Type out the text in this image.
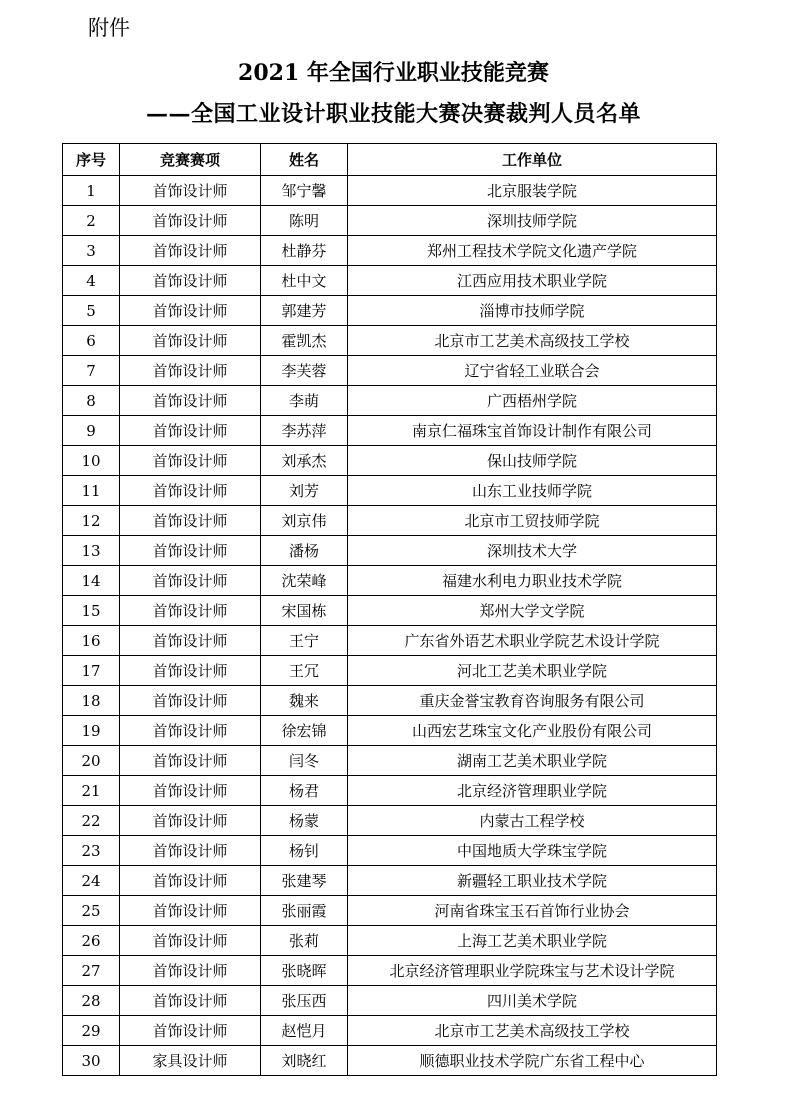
附件
2021 年全国行业职业技能竞赛
——全国工业设计职业技能大赛决赛裁判人员名单
序号	竞赛赛项	姓名	工作单位
1	首饰设计师	邹宁馨	北京服装学院
2	首饰设计师	陈明	深圳技师学院
3	首饰设计师	杜静芬	郑州工程技术学院文化遗产学院
4	首饰设计师	杜中文	江西应用技术职业学院
5	首饰设计师	郭建芳	淄博市技师学院
6	首饰设计师	霍凯杰	北京市工艺美术高级技工学校
7	首饰设计师	李芙蓉	辽宁省轻工业联合会
8	首饰设计师	李萌	广西梧州学院
9	首饰设计师	李苏萍	南京仁福珠宝首饰设计制作有限公司
10	首饰设计师	刘承杰	保山技师学院
11	首饰设计师	刘芳	山东工业技师学院
12	首饰设计师	刘京伟	北京市工贸技师学院
13	首饰设计师	潘杨	深圳技术大学
14	首饰设计师	沈荣峰	福建水利电力职业技术学院
15	首饰设计师	宋国栋	郑州大学文学院
16	首饰设计师	王宁	广东省外语艺术职业学院艺术设计学院
17	首饰设计师	王冗	河北工艺美术职业学院
18	首饰设计师	魏来	重庆金誉宝教育咨询服务有限公司
19	首饰设计师	徐宏锦	山西宏艺珠宝文化产业股份有限公司
20	首饰设计师	闫冬	湖南工艺美术职业学院
21	首饰设计师	杨君	北京经济管理职业学院
22	首饰设计师	杨蒙	内蒙古工程学校
23	首饰设计师	杨钊	中国地质大学珠宝学院
24	首饰设计师	张建琴	新疆轻工职业技术学院
25	首饰设计师	张丽霞	河南省珠宝玉石首饰行业协会
26	首饰设计师	张莉	上海工艺美术职业学院
27	首饰设计师	张晓晖	北京经济管理职业学院珠宝与艺术设计学院
28	首饰设计师	张压西	四川美术学院
29	首饰设计师	赵恺月	北京市工艺美术高级技工学校
30	家具设计师	刘晓红	顺德职业技术学院广东省工程中心
